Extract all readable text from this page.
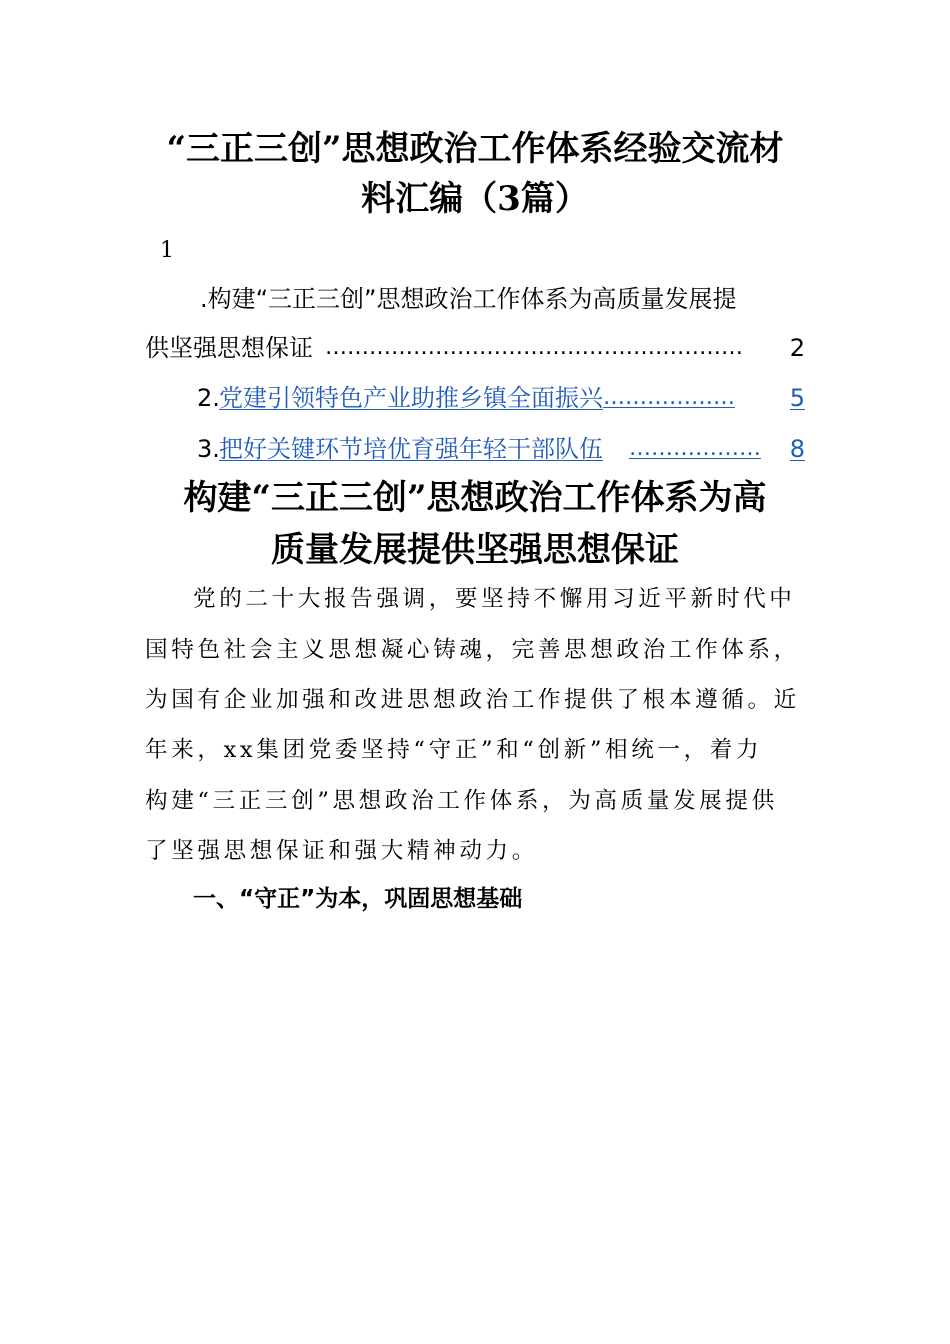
“三正三创”思想政治工作体系经验交流材
料汇编（3篇）
1
.构建“三正三创”思想政治工作体系为高质量发展提
供坚强思想保证 …………………………………………………	2
2. 党建引领特色产业助推乡镇全面振兴 ………………	5
3. 把好关键环节培优育强年轻干部队伍 ………………	8
构建“三正三创”思想政治工作体系为高
质量发展提供坚强思想保证
党的二十大报告强调，要坚持不懈用习近平新时代中
国特色社会主义思想凝心铸魂，完善思想政治工作体系，
为国有企业加强和改进思想政治工作提供了根本遵循。近
年来，xx集团党委坚持“守正”和“创新”相统一，着力
构建“三正三创”思想政治工作体系，为高质量发展提供
了坚强思想保证和强大精神动力。
一、“守正”为本，巩固思想基础
